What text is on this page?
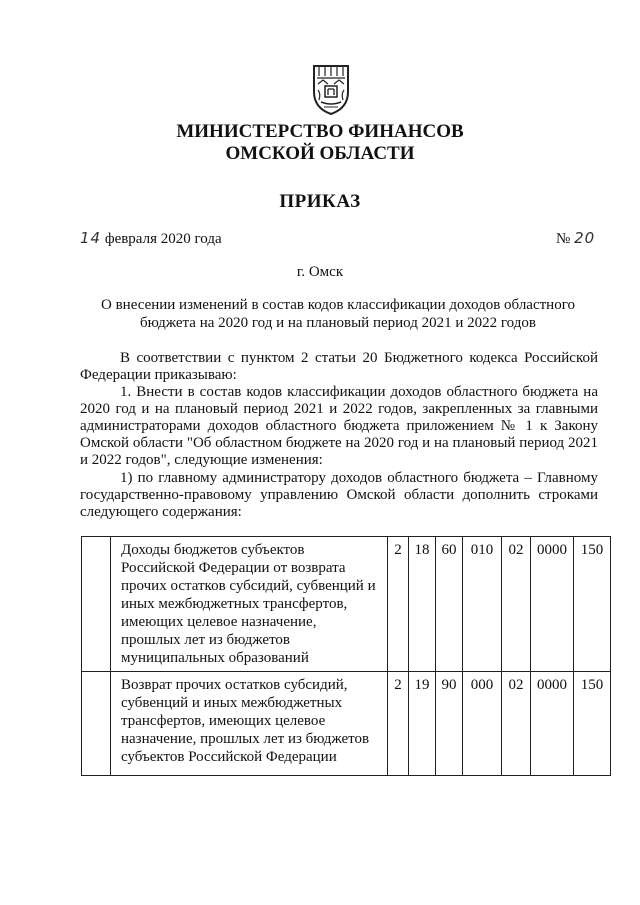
МИНИСТЕРСТВО ФИНАНСОВ
ОМСКОЙ ОБЛАСТИ
ПРИКАЗ
14 февраля 2020 года	№ 20
г. Омск
О внесении изменений в состав кодов классификации доходов областного
бюджета на 2020 год и на плановый период 2021 и 2022 годов
В соответствии с пунктом 2 статьи 20 Бюджетного кодекса Российской Федерации приказываю:
1. Внести в состав кодов классификации доходов областного бюджета на 2020 год и на плановый период 2021 и 2022 годов, закрепленных за главными администраторами доходов областного бюджета приложением № 1 к Закону Омской области "Об областном бюджете на 2020 год и на плановый период 2021 и 2022 годов", следующие изменения:
1) по главному администратору доходов областного бюджета – Главному государственно-правовому управлению Омской области дополнить строками следующего содержания:
	Доходы бюджетов субъектов Российской Федерации от возврата прочих остатков субсидий, субвенций и иных межбюджетных трансфертов, имеющих целевое назначение, прошлых лет из бюджетов муниципальных образований	2	18	60	010	02	0000	150
	Возврат прочих остатков субсидий, субвенций и иных межбюджетных трансфертов, имеющих целевое назначение, прошлых лет из бюджетов субъектов Российской Федерации	2	19	90	000	02	0000	150
